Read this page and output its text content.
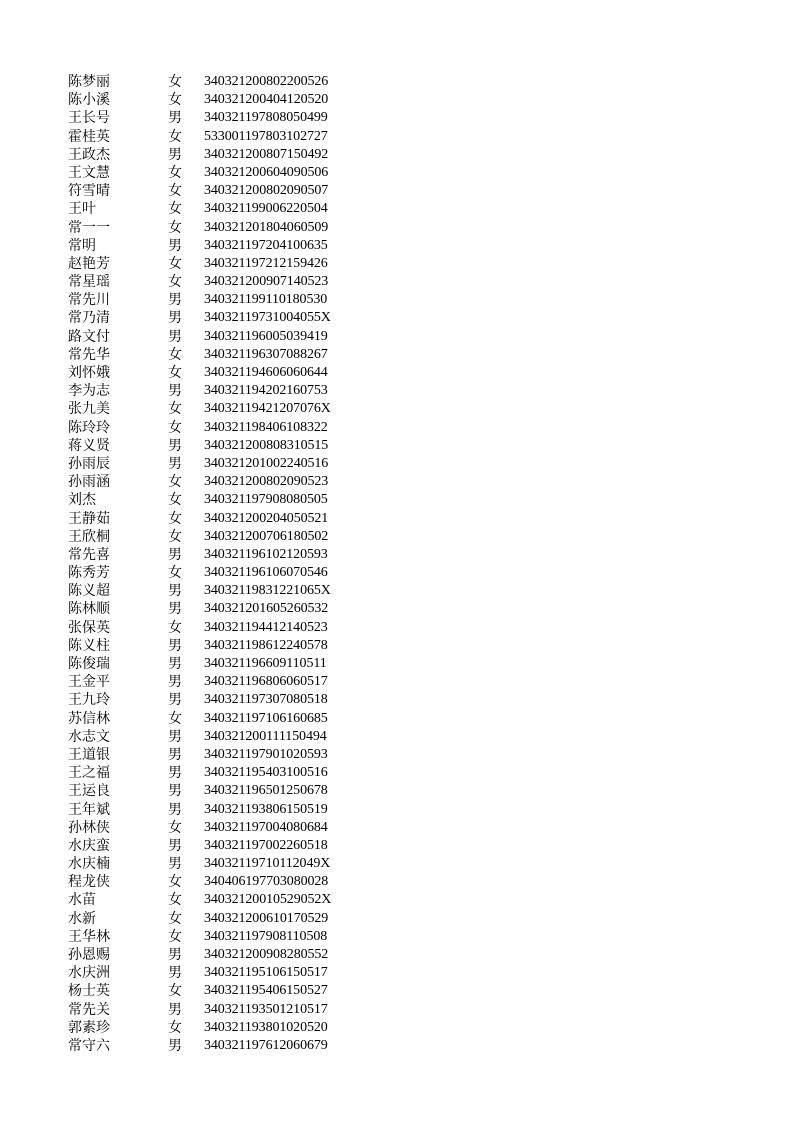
陈梦丽	女	340321200802200526
陈小溪	女	340321200404120520
王长号	男	340321197808050499
霍桂英	女	533001197803102727
王政杰	男	340321200807150492
王文慧	女	340321200604090506
符雪晴	女	340321200802090507
王叶	女	340321199006220504
常一一	女	340321201804060509
常明	男	340321197204100635
赵艳芳	女	340321197212159426
常星瑶	女	340321200907140523
常先川	男	340321199110180530
常乃清	男	34032119731004055X
路文付	男	340321196005039419
常先华	女	340321196307088267
刘怀娥	女	340321194606060644
李为志	男	340321194202160753
张九美	女	34032119421207076X
陈玲玲	女	340321198406108322
蒋义贤	男	340321200808310515
孙雨辰	男	340321201002240516
孙雨涵	女	340321200802090523
刘杰	女	340321197908080505
王静茹	女	340321200204050521
王欣桐	女	340321200706180502
常先喜	男	340321196102120593
陈秀芳	女	340321196106070546
陈义超	男	34032119831221065X
陈林顺	男	340321201605260532
张保英	女	340321194412140523
陈义柱	男	340321198612240578
陈俊瑞	男	340321196609110511
王金平	男	340321196806060517
王九玲	男	340321197307080518
苏信林	女	340321197106160685
水志文	男	340321200111150494
王道银	男	340321197901020593
王之福	男	340321195403100516
王运良	男	340321196501250678
王年斌	男	340321193806150519
孙林侠	女	340321197004080684
水庆蛮	男	340321197002260518
水庆楠	男	34032119710112049X
程龙侠	女	340406197703080028
水苗	女	34032120010529052X
水新	女	340321200610170529
王华林	女	340321197908110508
孙恩赐	男	340321200908280552
水庆洲	男	340321195106150517
杨士英	女	340321195406150527
常先关	男	340321193501210517
郭素珍	女	340321193801020520
常守六	男	340321197612060679
